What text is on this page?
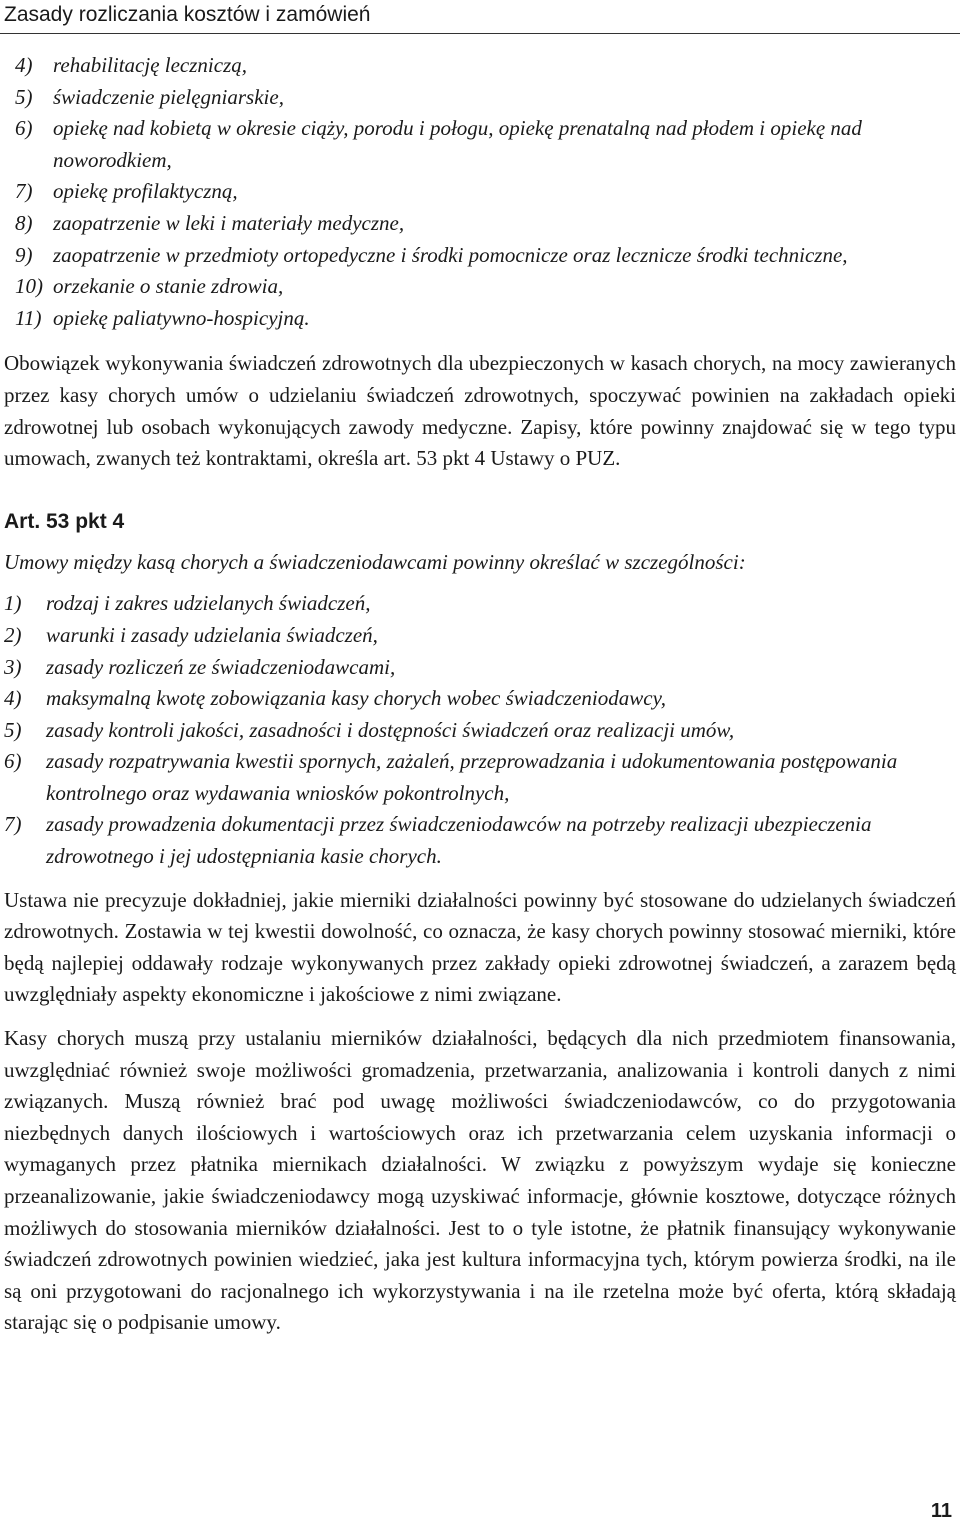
Zasady rozliczania kosztów i zamówień
4) rehabilitację leczniczą,
5) świadczenie pielęgniarskie,
6) opiekę nad kobietą w okresie ciąży, porodu i połogu, opiekę prenatalną nad płodem i opiekę nad noworodkiem,
7) opiekę profilaktyczną,
8) zaopatrzenie w leki i materiały medyczne,
9) zaopatrzenie w przedmioty ortopedyczne i środki pomocnicze oraz lecznicze środki techniczne,
10) orzekanie o stanie zdrowia,
11) opiekę paliatywno-hospicyjną.

Obowiązek wykonywania świadczeń zdrowotnych dla ubezpieczonych w kasach chorych, na mocy zawieranych przez kasy chorych umów o udzielaniu świadczeń zdrowotnych, spoczywać powinien na zakładach opieki zdrowotnej lub osobach wykonujących zawody medyczne. Zapisy, które powinny znajdować się w tego typu umowach, zwanych też kontraktami, określa art. 53 pkt 4 Ustawy o PUZ.

Art. 53 pkt 4

Umowy między kasą chorych a świadczeniodawcami powinny określać w szczególności:

1) rodzaj i zakres udzielanych świadczeń,
2) warunki i zasady udzielania świadczeń,
3) zasady rozliczeń ze świadczeniodawcami,
4) maksymalną kwotę zobowiązania kasy chorych wobec świadczeniodawcy,
5) zasady kontroli jakości, zasadności i dostępności świadczeń oraz realizacji umów,
6) zasady rozpatrywania kwestii spornych, zażaleń, przeprowadzania i udokumentowania postępowania kontrolnego oraz wydawania wniosków pokontrolnych,
7) zasady prowadzenia dokumentacji przez świadczeniodawców na potrzeby realizacji ubezpieczenia zdrowotnego i jej udostępniania kasie chorych.

Ustawa nie precyzuje dokładniej, jakie mierniki działalności powinny być stosowane do udzielanych świadczeń zdrowotnych. Zostawia w tej kwestii dowolność, co oznacza, że kasy chorych powinny stosować mierniki, które będą najlepiej oddawały rodzaje wykonywanych przez zakłady opieki zdrowotnej świadczeń, a zarazem będą uwzględniały aspekty ekonomiczne i jakościowe z nimi związane.

Kasy chorych muszą przy ustalaniu mierników działalności, będących dla nich przedmiotem finansowania, uwzględniać również swoje możliwości gromadzenia, przetwarzania, analizowania i kontroli danych z nimi związanych. Muszą również brać pod uwagę możliwości świadczeniodawców, co do przygotowania niezbędnych danych ilościowych i wartościowych oraz ich przetwarzania celem uzyskania informacji o wymaganych przez płatnika miernikach działalności. W związku z powyższym wydaje się konieczne przeanalizowanie, jakie świadczeniodawcy mogą uzyskiwać informacje, głównie kosztowe, dotyczące różnych możliwych do stosowania mierników działalności. Jest to o tyle istotne, że płatnik finansujący wykonywanie świadczeń zdrowotnych powinien wiedzieć, jaka jest kultura informacyjna tych, którym powierza środki, na ile są oni przygotowani do racjonalnego ich wykorzystywania i na ile rzetelna może być oferta, którą składają starając się o podpisanie umowy.

11
